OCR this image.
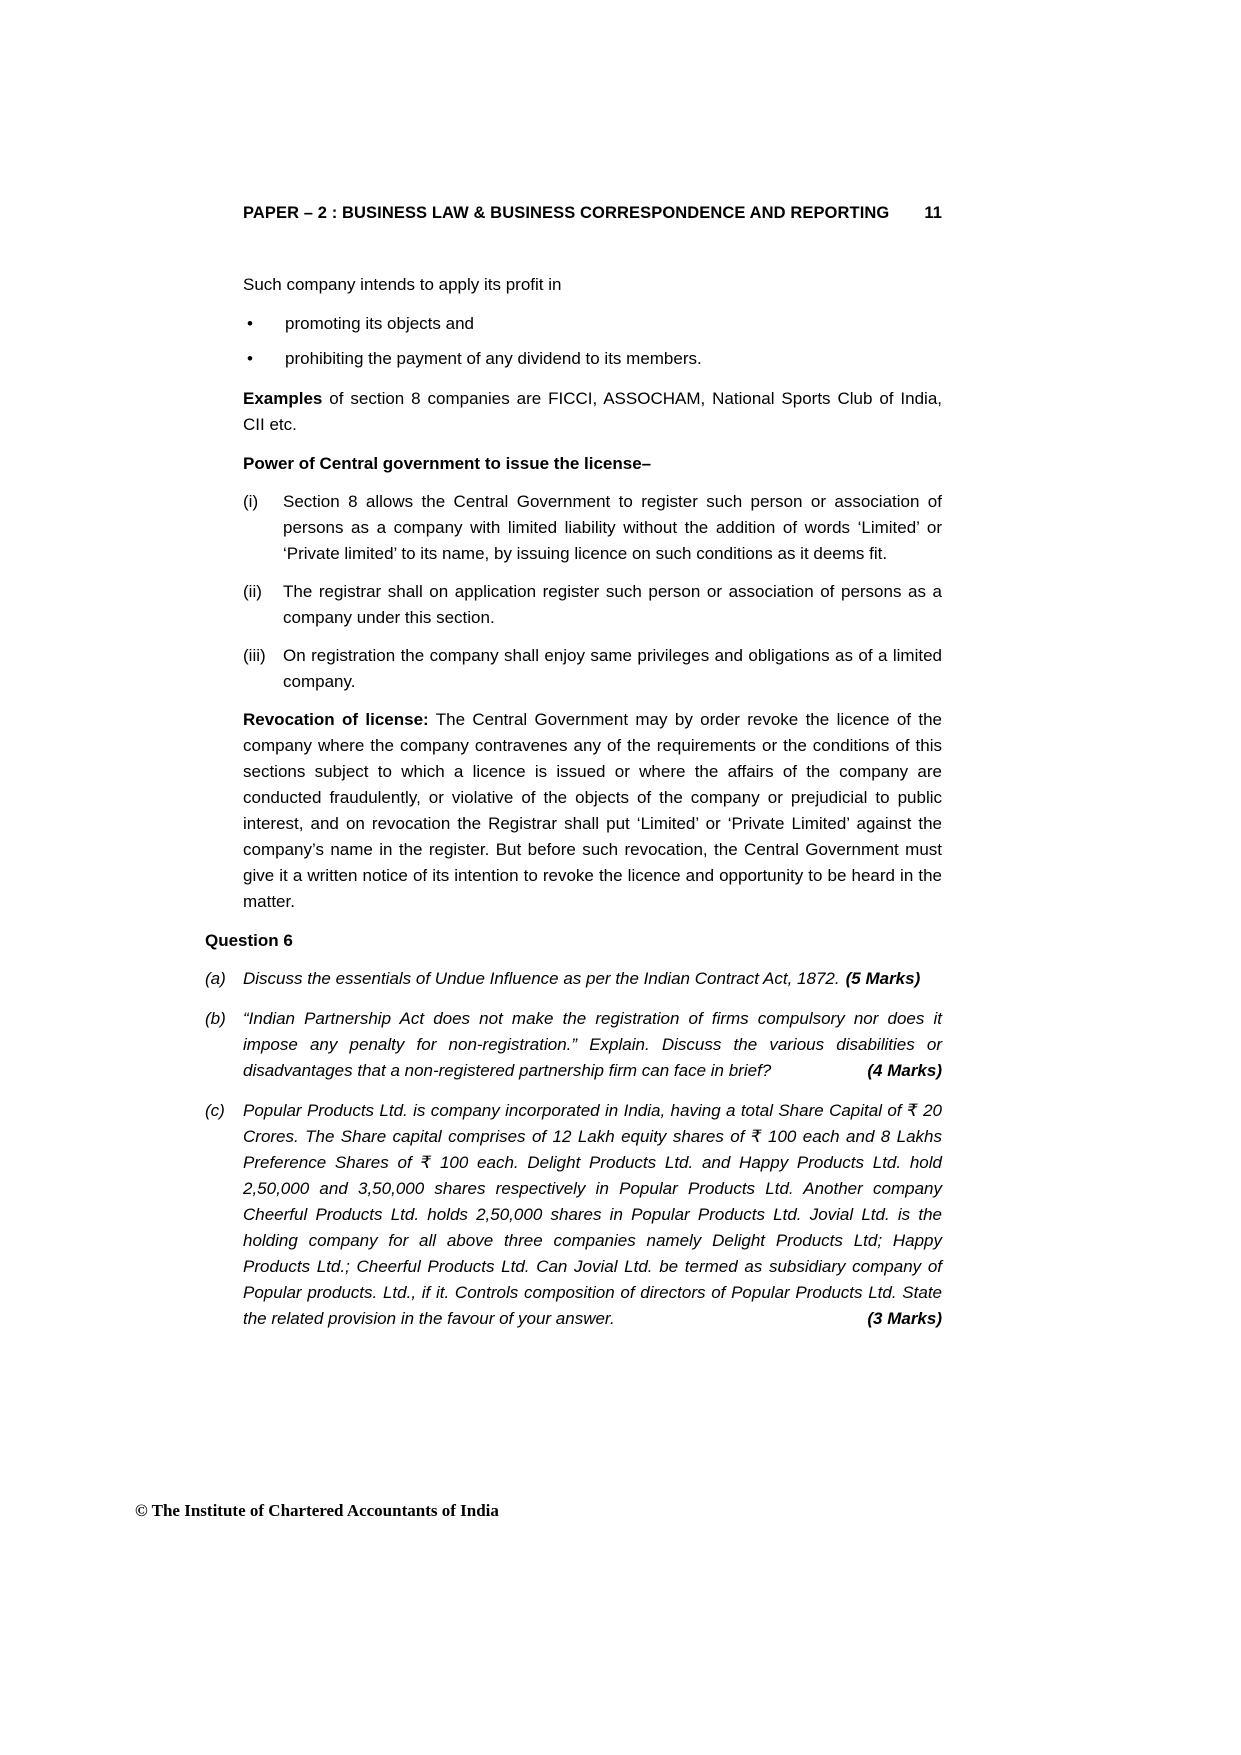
PAPER – 2 : BUSINESS LAW & BUSINESS CORRESPONDENCE AND REPORTING 11

Such company intends to apply its profit in

•	promoting its objects and
•	prohibiting the payment of any dividend to its members.

Examples of section 8 companies are FICCI, ASSOCHAM, National Sports Club of India, CII etc.

Power of Central government to issue the license–
(i)	Section 8 allows the Central Government to register such person or association of persons as a company with limited liability without the addition of words ‘Limited’ or ‘Private limited’ to its name, by issuing licence on such conditions as it deems fit.
(ii)	The registrar shall on application register such person or association of persons as a company under this section.
(iii)	On registration the company shall enjoy same privileges and obligations as of a limited company.

Revocation of license: The Central Government may by order revoke the licence of the company where the company contravenes any of the requirements or the conditions of this sections subject to which a licence is issued or where the affairs of the company are conducted fraudulently, or violative of the objects of the company or prejudicial to public interest, and on revocation the Registrar shall put ‘Limited’ or ‘Private Limited’ against the company’s name in the register. But before such revocation, the Central Government must give it a written notice of its intention to revoke the licence and opportunity to be heard in the matter.

Question 6
(a)	Discuss the essentials of Undue Influence as per the Indian Contract Act, 1872. (5 Marks)
(b)	“Indian Partnership Act does not make the registration of firms compulsory nor does it impose any penalty for non-registration.” Explain. Discuss the various disabilities or disadvantages that a non-registered partnership firm can face in brief?	(4 Marks)
(c)	Popular Products Ltd. is company incorporated in India, having a total Share Capital of ₹ 20 Crores. The Share capital comprises of 12 Lakh equity shares of ₹ 100 each and 8 Lakhs Preference Shares of ₹ 100 each. Delight Products Ltd. and Happy Products Ltd. hold 2,50,000 and 3,50,000 shares respectively in Popular Products Ltd. Another company Cheerful Products Ltd. holds 2,50,000 shares in Popular Products Ltd. Jovial Ltd. is the holding company for all above three companies namely Delight Products Ltd; Happy Products Ltd.; Cheerful Products Ltd. Can Jovial Ltd. be termed as subsidiary company of Popular products. Ltd., if it. Controls composition of directors of Popular Products Ltd. State the related provision in the favour of your answer.	(3 Marks)
© The Institute of Chartered Accountants of India
